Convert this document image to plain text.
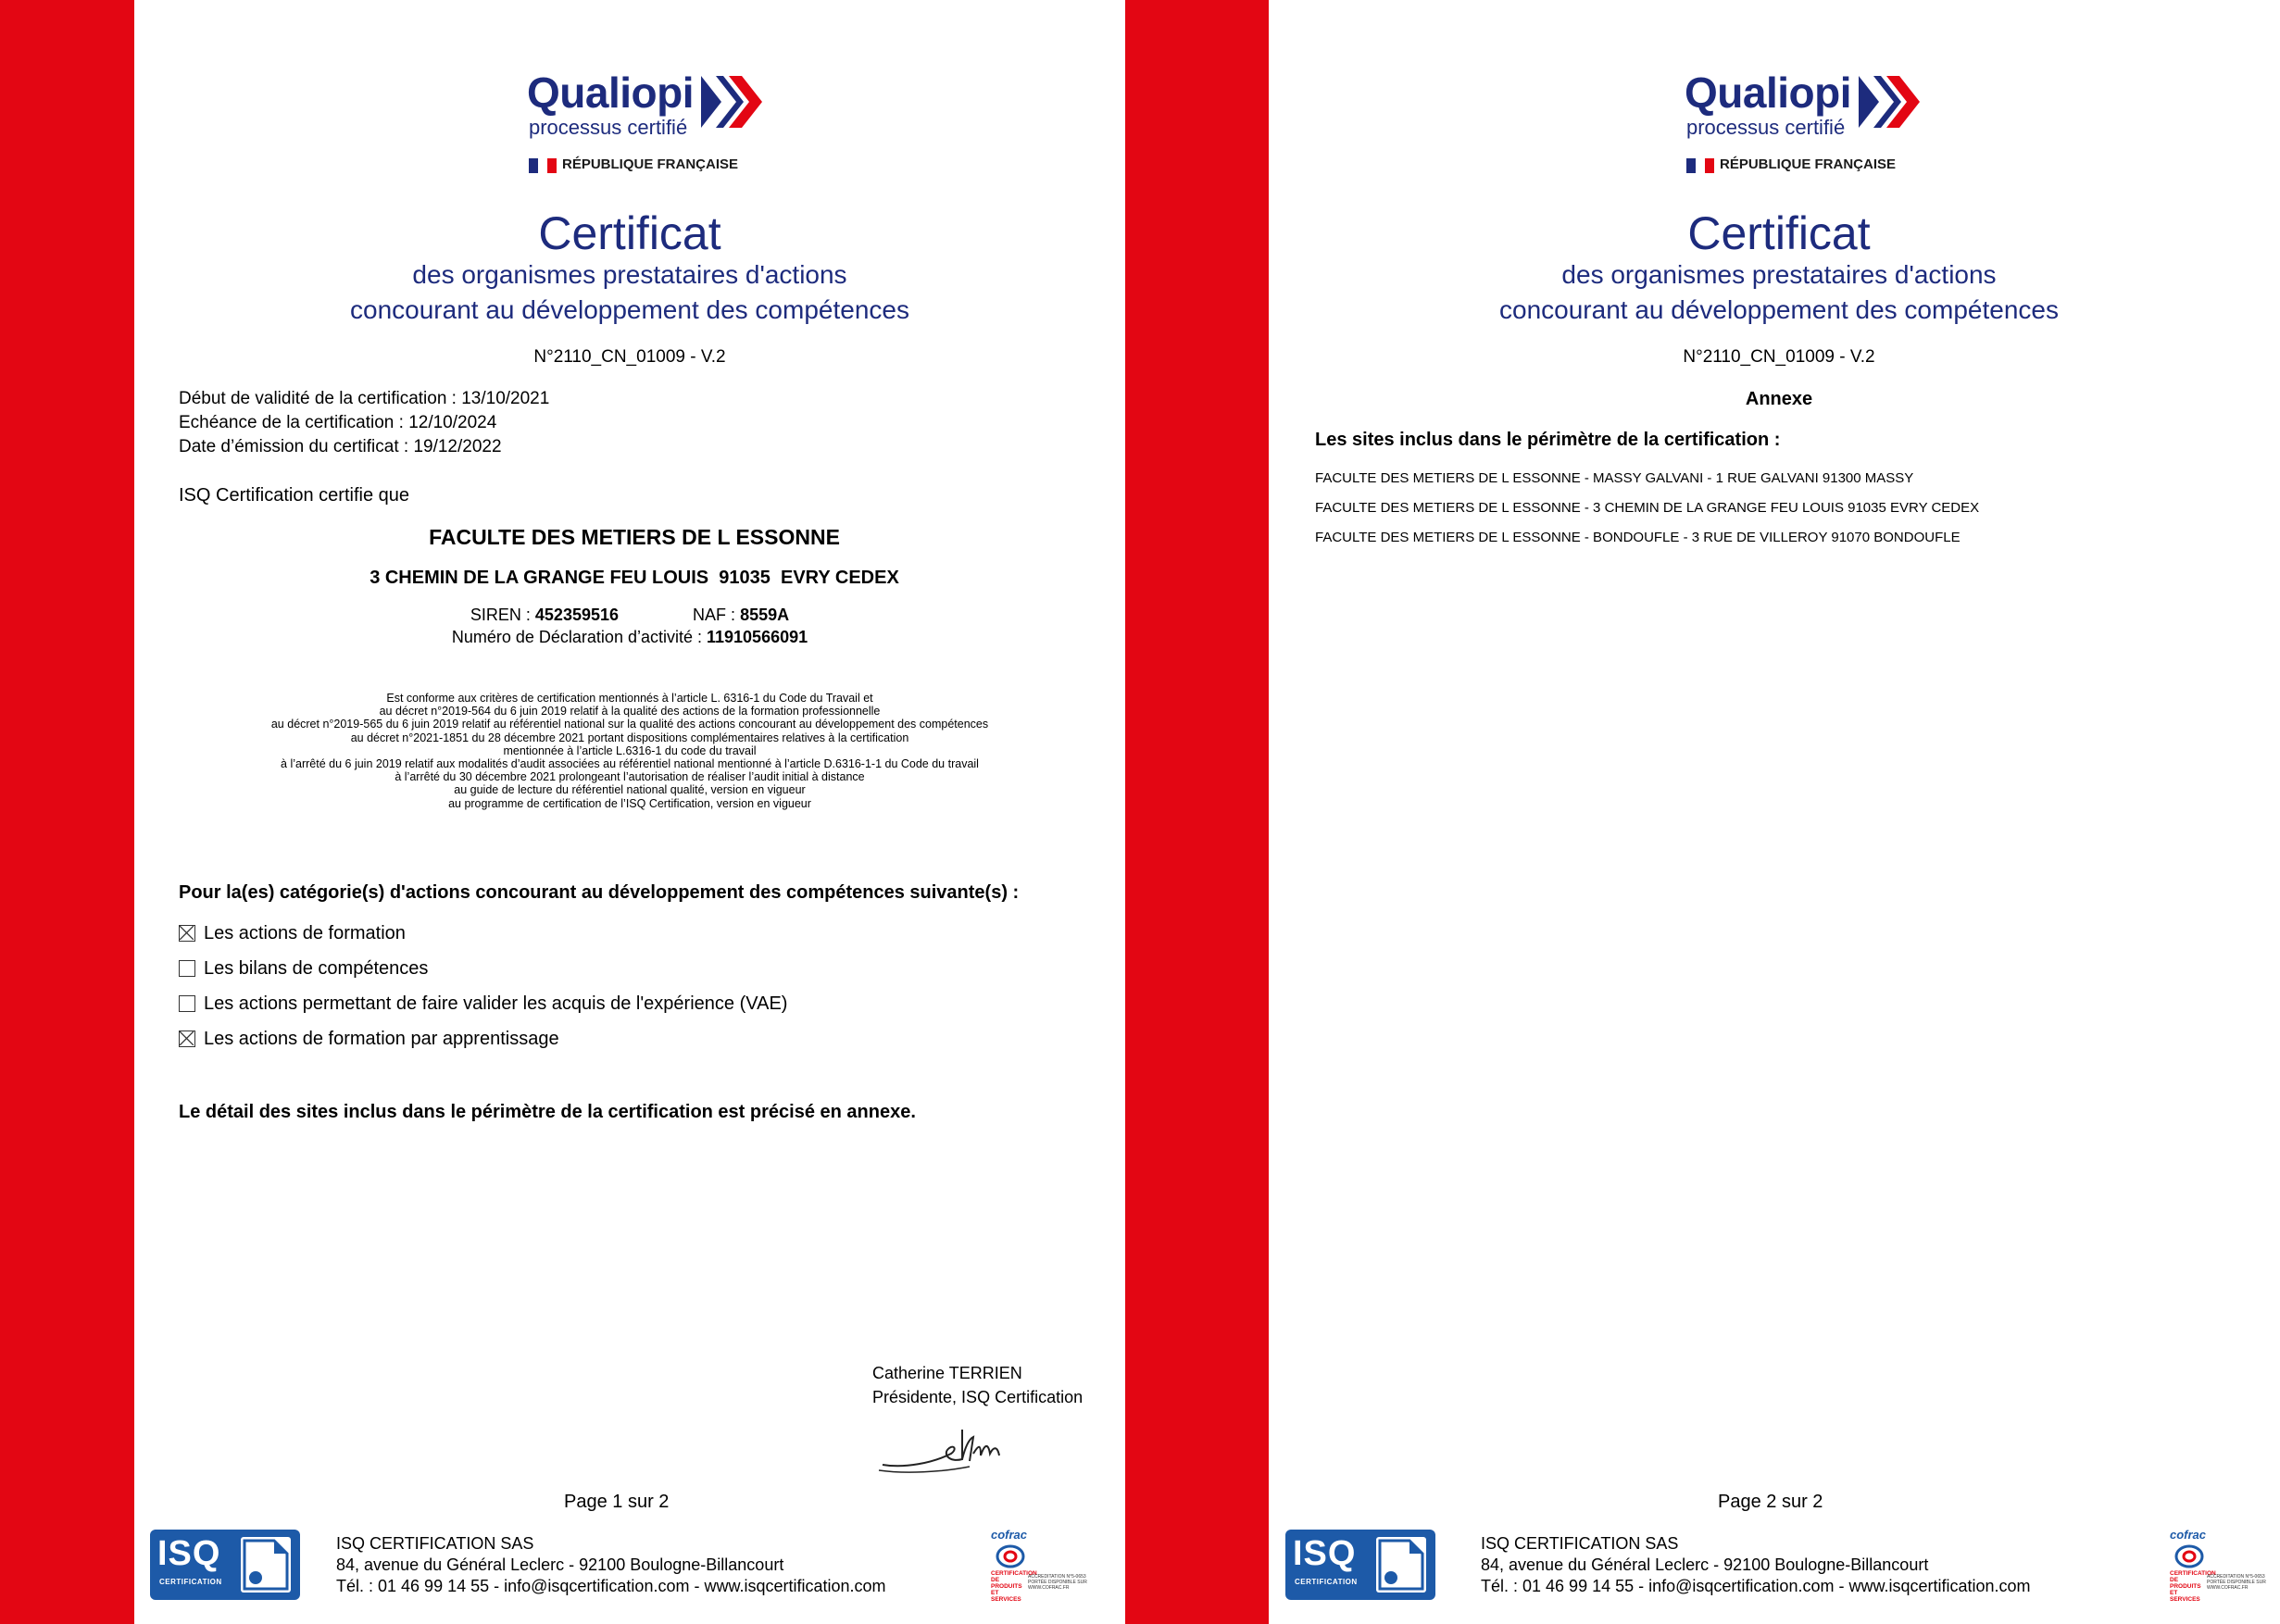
Qualiopi
processus certifié
RÉPUBLIQUE FRANÇAISE
Certificat
des organismes prestataires d'actions
concourant au développement des compétences
N°2110_CN_01009 - V.2
Début de validité de la certification : 13/10/2021
Echéance de la certification : 12/10/2024
Date d’émission du certificat : 19/12/2022
ISQ Certification certifie que
FACULTE DES METIERS DE L ESSONNE
3 CHEMIN DE LA GRANGE FEU LOUIS  91035  EVRY CEDEX
SIREN : 452359516	NAF : 8559A
Numéro de Déclaration d’activité : 11910566091
Est conforme aux critères de certification mentionnés à l’article L. 6316-1 du Code du Travail et
au décret n°2019-564 du 6 juin 2019 relatif à la qualité des actions de la formation professionnelle
au décret n°2019-565 du 6 juin 2019 relatif au référentiel national sur la qualité des actions concourant au développement des compétences
au décret n°2021-1851 du 28 décembre 2021 portant dispositions complémentaires relatives à la certification
mentionnée à l’article L.6316-1 du code du travail
à l’arrêté du 6 juin 2019 relatif aux modalités d’audit associées au référentiel national mentionné à l’article D.6316-1-1 du Code du travail
à l’arrêté du 30 décembre 2021 prolongeant l’autorisation de réaliser l’audit initial à distance
au guide de lecture du référentiel national qualité, version en vigueur
au programme de certification de l’ISQ Certification, version en vigueur
Pour la(es) catégorie(s) d'actions concourant au développement des compétences suivante(s) :
Les actions de formation
Les bilans de compétences
Les actions permettant de faire valider les acquis de l'expérience (VAE)
Les actions de formation par apprentissage
Le détail des sites inclus dans le périmètre de la certification est précisé en annexe.
Catherine TERRIEN
Présidente, ISQ Certification
Page 1 sur 2
ISQ
CERTIFICATION
ISQ CERTIFICATION SAS
84, avenue du Général Leclerc - 92100 Boulogne-Billancourt
Tél. : 01 46 99 14 55 - info@isqcertification.com - www.isqcertification.com
cofrac
CERTIFICATION DE PRODUITS ET SERVICES
ACCREDITATION N°5-0653 PORTÉE DISPONIBLE SUR WWW.COFRAC.FR
Qualiopi
processus certifié
RÉPUBLIQUE FRANÇAISE
Certificat
des organismes prestataires d'actions
concourant au développement des compétences
N°2110_CN_01009 - V.2
Annexe
Les sites inclus dans le périmètre de la certification :
FACULTE DES METIERS DE L ESSONNE - MASSY GALVANI - 1 RUE GALVANI 91300 MASSY
FACULTE DES METIERS DE L ESSONNE - 3 CHEMIN DE LA GRANGE FEU LOUIS 91035 EVRY CEDEX
FACULTE DES METIERS DE L ESSONNE - BONDOUFLE - 3 RUE DE VILLEROY 91070 BONDOUFLE
Page 2 sur 2
ISQ
CERTIFICATION
ISQ CERTIFICATION SAS
84, avenue du Général Leclerc - 92100 Boulogne-Billancourt
Tél. : 01 46 99 14 55 - info@isqcertification.com - www.isqcertification.com
cofrac
CERTIFICATION DE PRODUITS ET SERVICES
ACCREDITATION N°5-0653 PORTÉE DISPONIBLE SUR WWW.COFRAC.FR
